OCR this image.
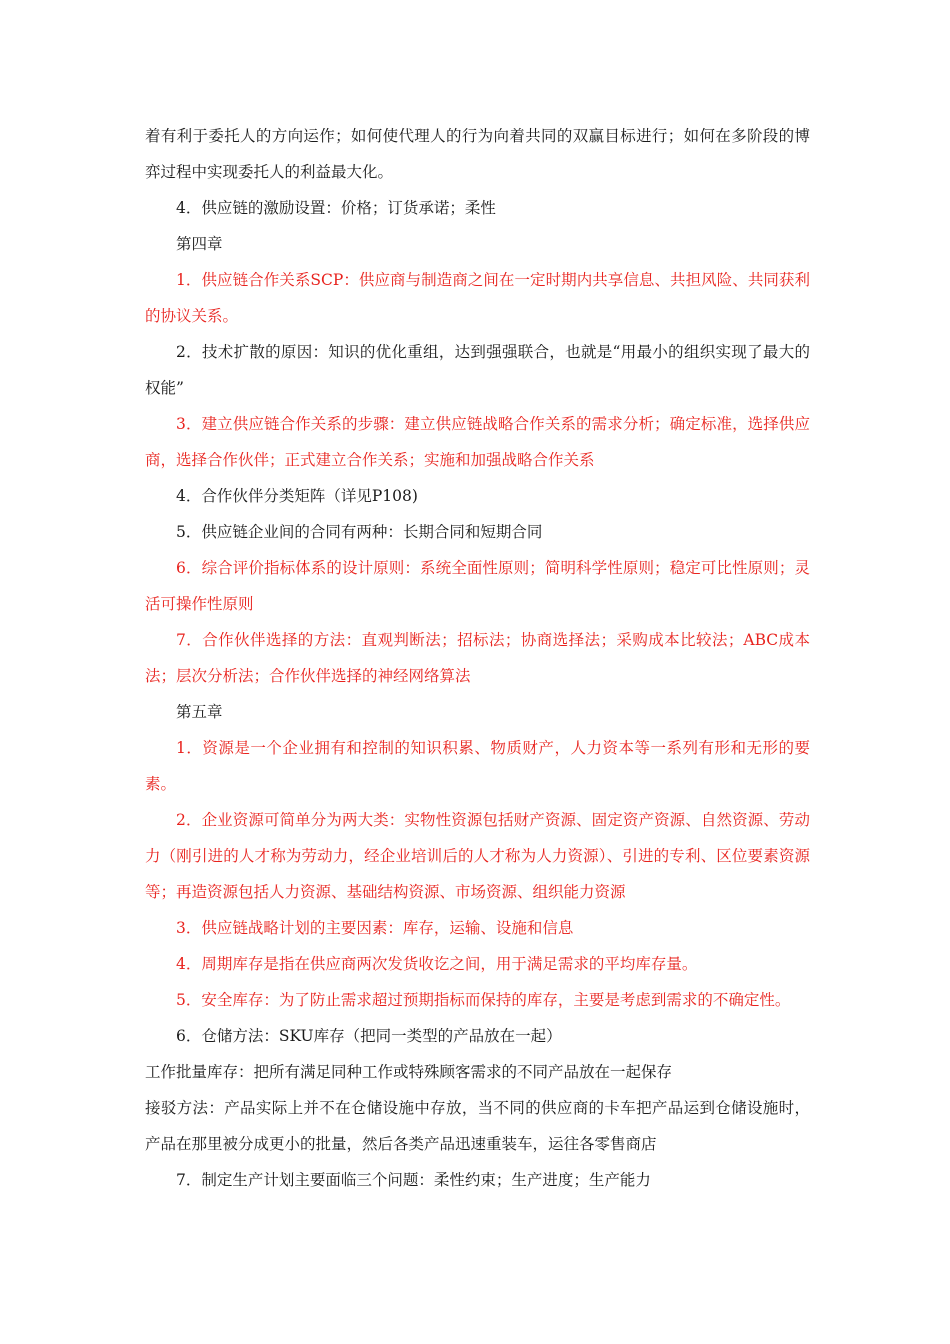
着有利于委托人的方向运作；如何使代理人的行为向着共同的双赢目标进行；如何在多阶段的博弈过程中实现委托人的利益最大化。

4．供应链的激励设置：价格；订货承诺；柔性

第四章

1．供应链合作关系SCP：供应商与制造商之间在一定时期内共享信息、共担风险、共同获利的协议关系。

2．技术扩散的原因：知识的优化重组，达到强强联合，也就是“用最小的组织实现了最大的权能”

3．建立供应链合作关系的步骤：建立供应链战略合作关系的需求分析；确定标准，选择供应商，选择合作伙伴；正式建立合作关系；实施和加强战略合作关系

4．合作伙伴分类矩阵（详见P108)

5．供应链企业间的合同有两种：长期合同和短期合同

6．综合评价指标体系的设计原则：系统全面性原则；简明科学性原则；稳定可比性原则；灵活可操作性原则

7．合作伙伴选择的方法：直观判断法；招标法；协商选择法；采购成本比较法；ABC成本法；层次分析法；合作伙伴选择的神经网络算法

第五章

1．资源是一个企业拥有和控制的知识积累、物质财产，人力资本等一系列有形和无形的要素。

2．企业资源可简单分为两大类：实物性资源包括财产资源、固定资产资源、自然资源、劳动力（刚引进的人才称为劳动力，经企业培训后的人才称为人力资源）、引进的专利、区位要素资源等；再造资源包括人力资源、基础结构资源、市场资源、组织能力资源

3．供应链战略计划的主要因素：库存，运输、设施和信息

4．周期库存是指在供应商两次发货收讫之间，用于满足需求的平均库存量。

5．安全库存：为了防止需求超过预期指标而保持的库存，主要是考虑到需求的不确定性。

6．仓储方法：SKU库存（把同一类型的产品放在一起）

工作批量库存：把所有满足同种工作或特殊顾客需求的不同产品放在一起保存

接驳方法：产品实际上并不在仓储设施中存放，当不同的供应商的卡车把产品运到仓储设施时，产品在那里被分成更小的批量，然后各类产品迅速重装车，运往各零售商店

7．制定生产计划主要面临三个问题：柔性约束；生产进度；生产能力
